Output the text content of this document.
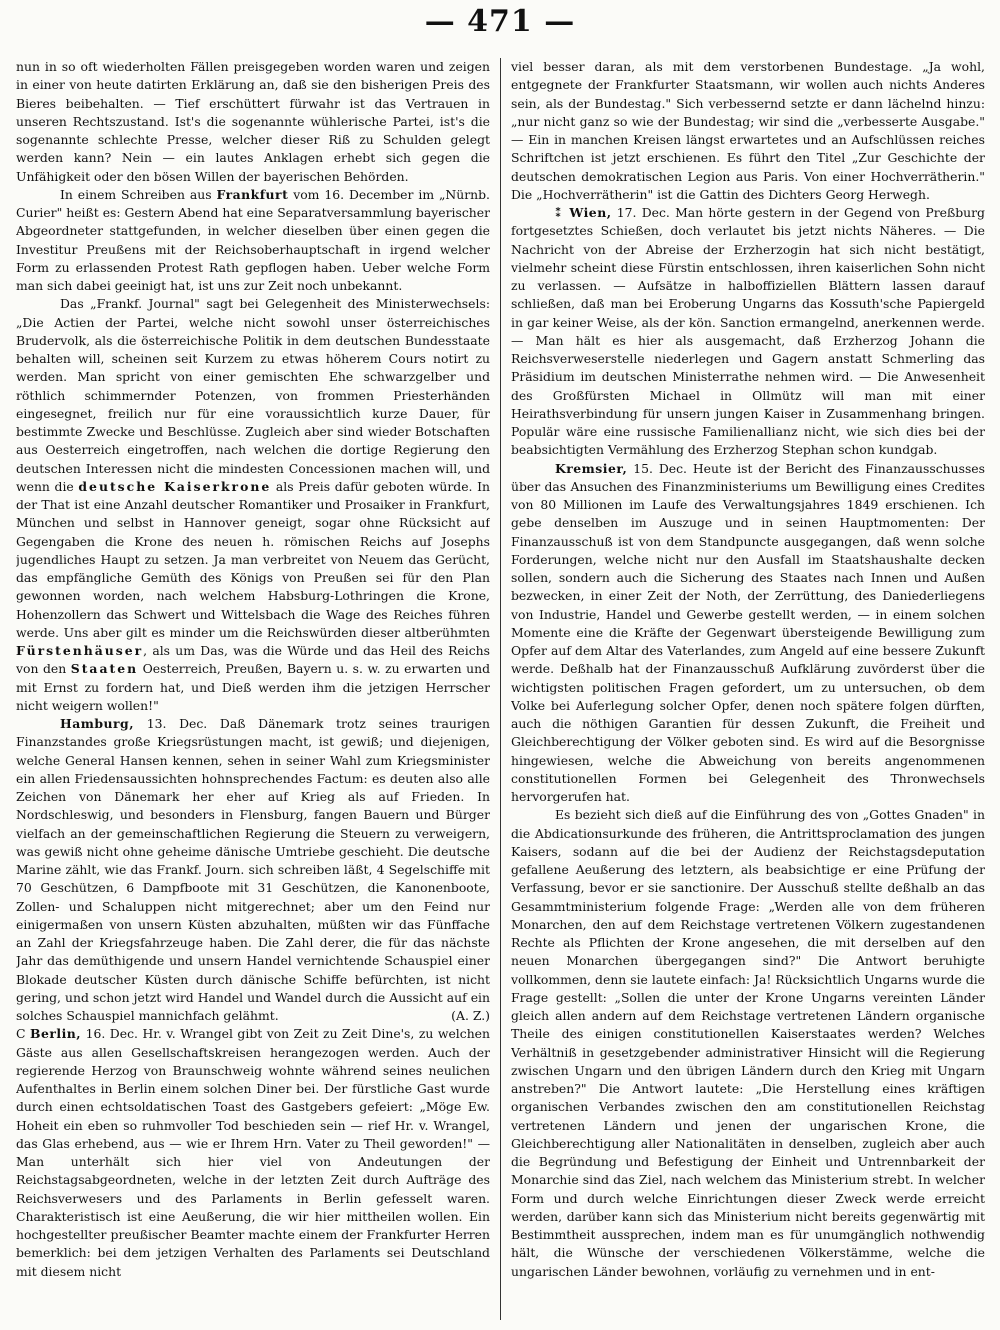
— 471 —

nun in so oft wiederholten Fällen preisgegeben worden waren und zeigen in einer von heute datirten Erklärung an, daß sie den bisherigen Preis des Bieres beibehalten. — Tief erschüttert fürwahr ist das Vertrauen in unseren Rechtszustand. Ist's die sogenannte wühlerische Partei, ist's die sogenannte schlechte Presse, welcher dieser Riß zu Schulden gelegt werden kann? Nein — ein lautes Anklagen erhebt sich gegen die Unfähigkeit oder den bösen Willen der bayerischen Behörden.

In einem Schreiben aus Frankfurt vom 16. December im „Nürnb. Curier" heißt es: Gestern Abend hat eine Separatversammlung bayerischer Abgeordneter stattgefunden, in welcher dieselben über einen gegen die Investitur Preußens mit der Reichsoberhauptschaft in irgend welcher Form zu erlassenden Protest Rath gepflogen haben. Ueber welche Form man sich dabei geeinigt hat, ist uns zur Zeit noch unbekannt.

Das „Frankf. Journal" sagt bei Gelegenheit des Ministerwechsels: „Die Actien der Partei, welche nicht sowohl unser österreichisches Brudervolk, als die österreichische Politik in dem deutschen Bundesstaate behalten will, scheinen seit Kurzem zu etwas höherem Cours notirt zu werden. Man spricht von einer gemischten Ehe schwarzgelber und röthlich schimmernder Potenzen, von frommen Priesterhänden eingesegnet, freilich nur für eine voraussichtlich kurze Dauer, für bestimmte Zwecke und Beschlüsse. Zugleich aber sind wieder Botschaften aus Oesterreich eingetroffen, nach welchen die dortige Regierung den deutschen Interessen nicht die mindesten Concessionen machen will, und wenn die deutsche Kaiserkrone als Preis dafür geboten würde. In der That ist eine Anzahl deutscher Romantiker und Prosaiker in Frankfurt, München und selbst in Hannover geneigt, sogar ohne Rücksicht auf Gegengaben die Krone des neuen h. römischen Reichs auf Josephs jugendliches Haupt zu setzen. Ja man verbreitet von Neuem das Gerücht, das empfängliche Gemüth des Königs von Preußen sei für den Plan gewonnen worden, nach welchem Habsburg-Lothringen die Krone, Hohenzollern das Schwert und Wittelsbach die Wage des Reiches führen werde. Uns aber gilt es minder um die Reichswürden dieser altberühmten Fürstenhäuser, als um Das, was die Würde und das Heil des Reichs von den Staaten Oesterreich, Preußen, Bayern u. s. w. zu erwarten und mit Ernst zu fordern hat, und Dieß werden ihm die jetzigen Herrscher nicht weigern wollen!"

Hamburg, 13. Dec. Daß Dänemark trotz seines traurigen Finanzstandes große Kriegsrüstungen macht, ist gewiß; und diejenigen, welche General Hansen kennen, sehen in seiner Wahl zum Kriegsminister ein allen Friedensaussichten hohnsprechendes Factum: es deuten also alle Zeichen von Dänemark her eher auf Krieg als auf Frieden. In Nordschleswig, und besonders in Flensburg, fangen Bauern und Bürger vielfach an der gemeinschaftlichen Regierung die Steuern zu verweigern, was gewiß nicht ohne geheime dänische Umtriebe geschieht. Die deutsche Marine zählt, wie das Frankf. Journ. sich schreiben läßt, 4 Segelschiffe mit 70 Geschützen, 6 Dampfboote mit 31 Geschützen, die Kanonenboote, Zollen- und Schaluppen nicht mitgerechnet; aber um den Feind nur einigermaßen von unsern Küsten abzuhalten, müßten wir das Fünffache an Zahl der Kriegsfahrzeuge haben. Die Zahl derer, die für das nächste Jahr das demüthigende und unsern Handel vernichtende Schauspiel einer Blokade deutscher Küsten durch dänische Schiffe befürchten, ist nicht gering, und schon jetzt wird Handel und Wandel durch die Aussicht auf ein solches Schauspiel mannichfach gelähmt.	(A. Z.)

C Berlin, 16. Dec. Hr. v. Wrangel gibt von Zeit zu Zeit Dine's, zu welchen Gäste aus allen Gesellschaftskreisen herangezogen werden. Auch der regierende Herzog von Braunschweig wohnte während seines neulichen Aufenthaltes in Berlin einem solchen Diner bei. Der fürstliche Gast wurde durch einen echtsoldatischen Toast des Gastgebers gefeiert: „Möge Ew. Hoheit ein eben so ruhmvoller Tod beschieden sein — rief Hr. v. Wrangel, das Glas erhebend, aus — wie er Ihrem Hrn. Vater zu Theil geworden!" — Man unterhält sich hier viel von Andeutungen der Reichstagsabgeordneten, welche in der letzten Zeit durch Aufträge des Reichsverwesers und des Parlaments in Berlin gefesselt waren. Charakteristisch ist eine Aeußerung, die wir hier mittheilen wollen. Ein hochgestellter preußischer Beamter machte einem der Frankfurter Herren bemerklich: bei dem jetzigen Verhalten des Parlaments sei Deutschland mit diesem nicht

viel besser daran, als mit dem verstorbenen Bundestage. „Ja wohl, entgegnete der Frankfurter Staatsmann, wir wollen auch nichts Anderes sein, als der Bundestag." Sich verbessernd setzte er dann lächelnd hinzu: „nur nicht ganz so wie der Bundestag; wir sind die „verbesserte Ausgabe." — Ein in manchen Kreisen längst erwartetes und an Aufschlüssen reiches Schriftchen ist jetzt erschienen. Es führt den Titel „Zur Geschichte der deutschen demokratischen Legion aus Paris. Von einer Hochverrätherin." Die „Hochverrätherin" ist die Gattin des Dichters Georg Herwegh.

⁑ Wien, 17. Dec. Man hörte gestern in der Gegend von Preßburg fortgesetztes Schießen, doch verlautet bis jetzt nichts Näheres. — Die Nachricht von der Abreise der Erzherzogin hat sich nicht bestätigt, vielmehr scheint diese Fürstin entschlossen, ihren kaiserlichen Sohn nicht zu verlassen. — Aufsätze in halboffiziellen Blättern lassen darauf schließen, daß man bei Eroberung Ungarns das Kossuth'sche Papiergeld in gar keiner Weise, als der kön. Sanction ermangelnd, anerkennen werde. — Man hält es hier als ausgemacht, daß Erzherzog Johann die Reichsverweserstelle niederlegen und Gagern anstatt Schmerling das Präsidium im deutschen Ministerrathe nehmen wird. — Die Anwesenheit des Großfürsten Michael in Ollmütz will man mit einer Heirathsverbindung für unsern jungen Kaiser in Zusammenhang bringen. Populär wäre eine russische Familienallianz nicht, wie sich dies bei der beabsichtigten Vermählung des Erzherzog Stephan schon kundgab.

Kremsier, 15. Dec. Heute ist der Bericht des Finanzausschusses über das Ansuchen des Finanzministeriums um Bewilligung eines Credites von 80 Millionen im Laufe des Verwaltungsjahres 1849 erschienen. Ich gebe denselben im Auszuge und in seinen Hauptmomenten: Der Finanzausschuß ist von dem Standpuncte ausgegangen, daß wenn solche Forderungen, welche nicht nur den Ausfall im Staatshaushalte decken sollen, sondern auch die Sicherung des Staates nach Innen und Außen bezwecken, in einer Zeit der Noth, der Zerrüttung, des Daniederliegens von Industrie, Handel und Gewerbe gestellt werden, — in einem solchen Momente eine die Kräfte der Gegenwart übersteigende Bewilligung zum Opfer auf dem Altar des Vaterlandes, zum Angeld auf eine bessere Zukunft werde. Deßhalb hat der Finanzausschuß Aufklärung zuvörderst über die wichtigsten politischen Fragen gefordert, um zu untersuchen, ob dem Volke bei Auferlegung solcher Opfer, denen noch spätere folgen dürften, auch die nöthigen Garantien für dessen Zukunft, die Freiheit und Gleichberechtigung der Völker geboten sind. Es wird auf die Besorgnisse hingewiesen, welche die Abweichung von bereits angenommenen constitutionellen Formen bei Gelegenheit des Thronwechsels hervorgerufen hat.

Es bezieht sich dieß auf die Einführung des von „Gottes Gnaden" in die Abdicationsurkunde des früheren, die Antrittsproclamation des jungen Kaisers, sodann auf die bei der Audienz der Reichstagsdeputation gefallene Aeußerung des letztern, als beabsichtige er eine Prüfung der Verfassung, bevor er sie sanctionire. Der Ausschuß stellte deßhalb an das Gesammtministerium folgende Frage: „Werden alle von dem früheren Monarchen, den auf dem Reichstage vertretenen Völkern zugestandenen Rechte als Pflichten der Krone angesehen, die mit derselben auf den neuen Monarchen übergegangen sind?" Die Antwort beruhigte vollkommen, denn sie lautete einfach: Ja! Rücksichtlich Ungarns wurde die Frage gestellt: „Sollen die unter der Krone Ungarns vereinten Länder gleich allen andern auf dem Reichstage vertretenen Ländern organische Theile des einigen constitutionellen Kaiserstaates werden? Welches Verhältniß in gesetzgebender administrativer Hinsicht will die Regierung zwischen Ungarn und den übrigen Ländern durch den Krieg mit Ungarn anstreben?" Die Antwort lautete: „Die Herstellung eines kräftigen organischen Verbandes zwischen den am constitutionellen Reichstag vertretenen Ländern und jenen der ungarischen Krone, die Gleichberechtigung aller Nationalitäten in denselben, zugleich aber auch die Begründung und Befestigung der Einheit und Untrennbarkeit der Monarchie sind das Ziel, nach welchem das Ministerium strebt. In welcher Form und durch welche Einrichtungen dieser Zweck werde erreicht werden, darüber kann sich das Ministerium nicht bereits gegenwärtig mit Bestimmtheit aussprechen, indem man es für unumgänglich nothwendig hält, die Wünsche der verschiedenen Völkerstämme, welche die ungarischen Länder bewohnen, vorläufig zu vernehmen und in ent-
